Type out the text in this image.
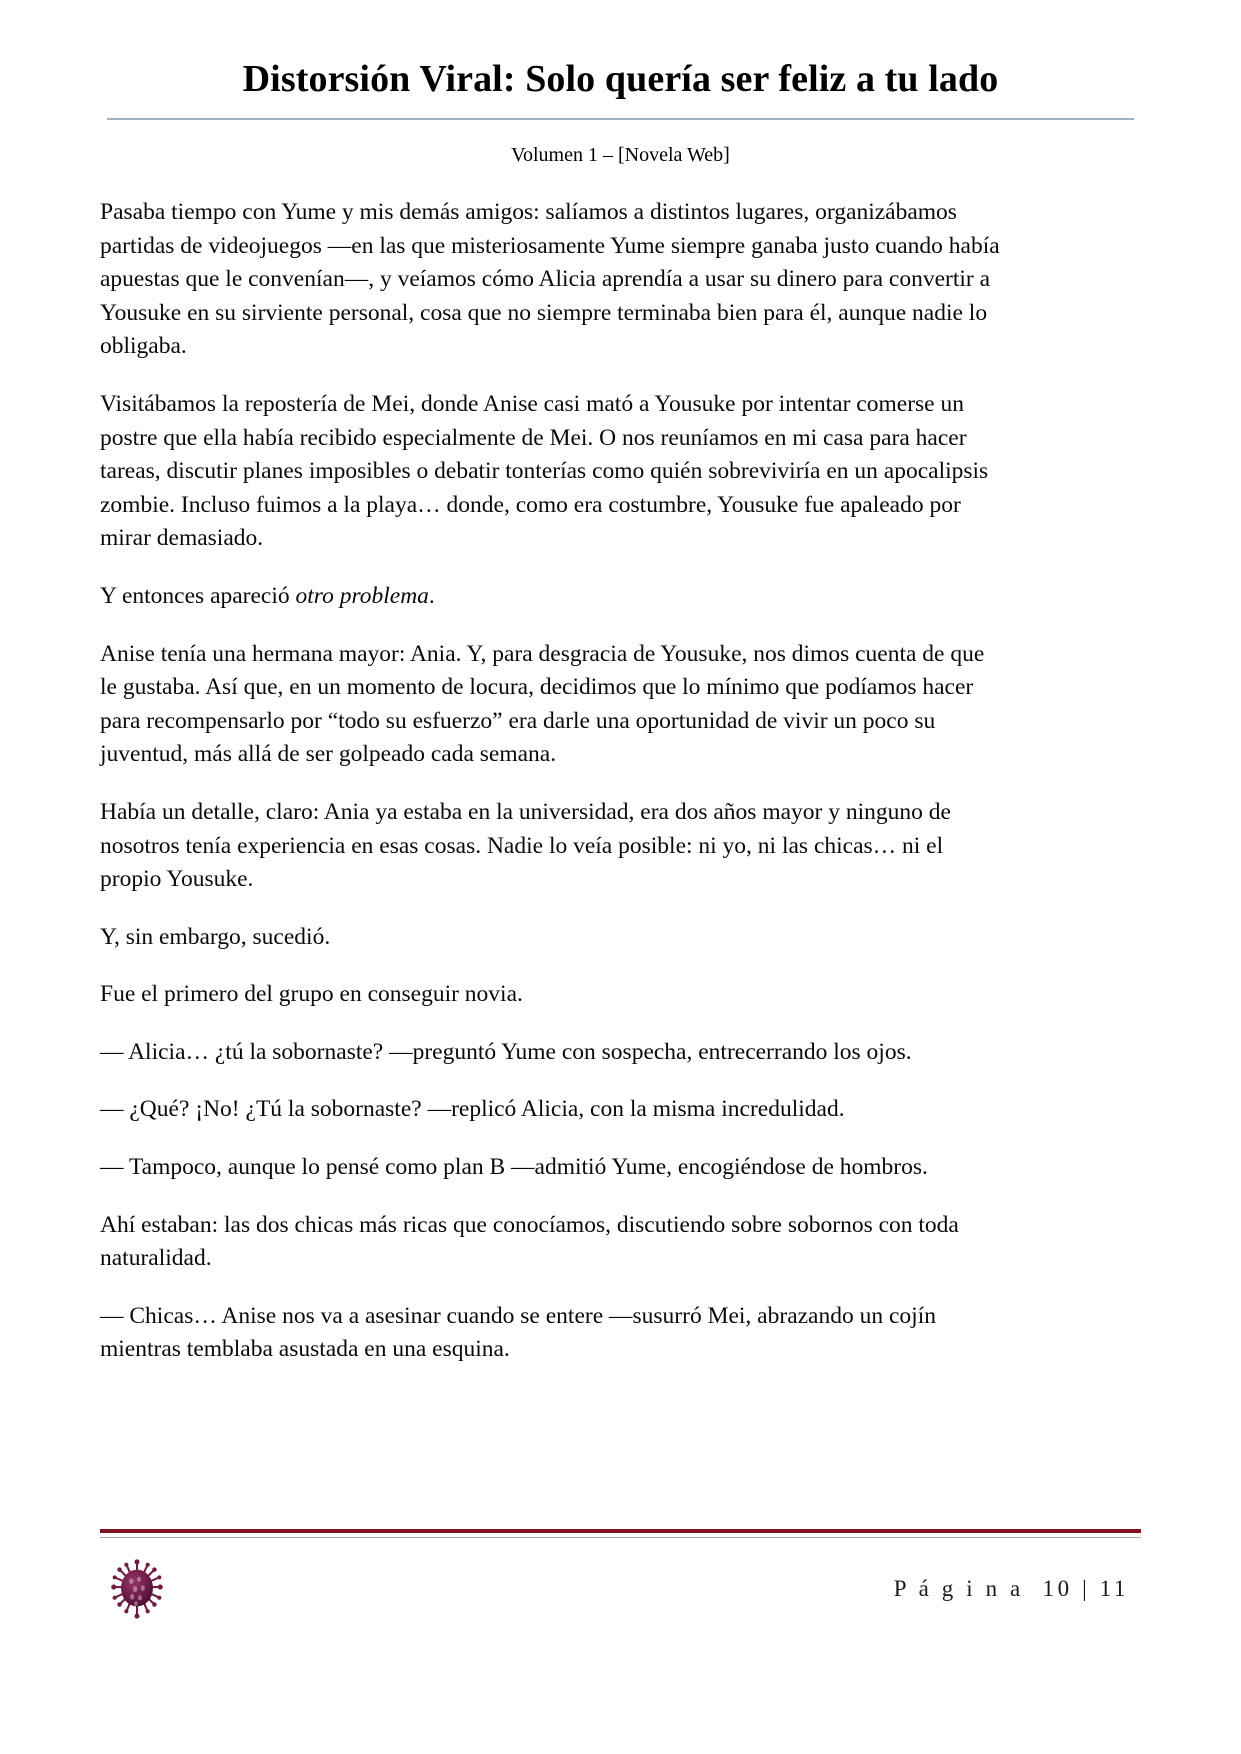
Distorsión Viral: Solo quería ser feliz a tu lado
Volumen 1 – [Novela Web]

Pasaba tiempo con Yume y mis demás amigos: salíamos a distintos lugares, organizábamos partidas de videojuegos —en las que misteriosamente Yume siempre ganaba justo cuando había apuestas que le convenían—, y veíamos cómo Alicia aprendía a usar su dinero para convertir a Yousuke en su sirviente personal, cosa que no siempre terminaba bien para él, aunque nadie lo obligaba.

Visitábamos la repostería de Mei, donde Anise casi mató a Yousuke por intentar comerse un postre que ella había recibido especialmente de Mei. O nos reuníamos en mi casa para hacer tareas, discutir planes imposibles o debatir tonterías como quién sobreviviría en un apocalipsis zombie. Incluso fuimos a la playa… donde, como era costumbre, Yousuke fue apaleado por mirar demasiado.

Y entonces apareció otro problema.

Anise tenía una hermana mayor: Ania. Y, para desgracia de Yousuke, nos dimos cuenta de que le gustaba. Así que, en un momento de locura, decidimos que lo mínimo que podíamos hacer para recompensarlo por “todo su esfuerzo” era darle una oportunidad de vivir un poco su juventud, más allá de ser golpeado cada semana.

Había un detalle, claro: Ania ya estaba en la universidad, era dos años mayor y ninguno de nosotros tenía experiencia en esas cosas. Nadie lo veía posible: ni yo, ni las chicas… ni el propio Yousuke.

Y, sin embargo, sucedió.

Fue el primero del grupo en conseguir novia.

— Alicia… ¿tú la sobornaste? —preguntó Yume con sospecha, entrecerrando los ojos.

— ¿Qué? ¡No! ¿Tú la sobornaste? —replicó Alicia, con la misma incredulidad.

— Tampoco, aunque lo pensé como plan B —admitió Yume, encogiéndose de hombros.

Ahí estaban: las dos chicas más ricas que conocíamos, discutiendo sobre sobornos con toda naturalidad.

— Chicas… Anise nos va a asesinar cuando se entere —susurró Mei, abrazando un cojín mientras temblaba asustada en una esquina.

P á g i n a  10 | 11
